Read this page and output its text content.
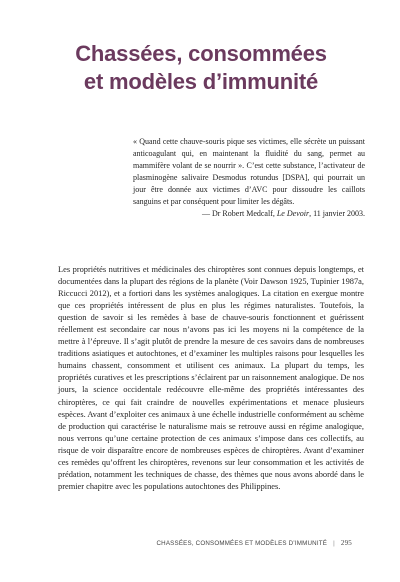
Chassées, consommées
et modèles d’immunité
« Quand cette chauve-souris pique ses victimes, elle sécrète un puissant anticoagulant qui, en maintenant la fluidité du sang, permet au mammifère volant de se nourrir ». C’est cette substance, l’activateur de plasminogène salivaire Desmodus rotundus [DSPA], qui pourrait un jour être donnée aux victimes d’AVC pour dissoudre les caillots sanguins et par conséquent pour limiter les dégâts.
— Dr Robert Medcalf, Le Devoir, 11 janvier 2003.
Les propriétés nutritives et médicinales des chiroptères sont connues depuis longtemps, et documentées dans la plupart des régions de la planète (Voir Dawson 1925, Tupinier 1987a, Riccucci 2012), et a fortiori dans les systèmes analogiques. La citation en exergue montre que ces propriétés intéressent de plus en plus les régimes naturalistes. Toutefois, la question de savoir si les remèdes à base de chauve-souris fonctionnent et guérissent réellement est secondaire car nous n’avons pas ici les moyens ni la compétence de la mettre à l’épreuve. Il s’agit plutôt de prendre la mesure de ces savoirs dans de nombreuses traditions asiatiques et autochtones, et d’examiner les multiples raisons pour lesquelles les humains chassent, consomment et utilisent ces animaux. La plupart du temps, les propriétés curatives et les prescriptions s’éclairent par un raisonnement analogique. De nos jours, la science occidentale redécouvre elle-même des propriétés intéressantes des chiroptères, ce qui fait craindre de nouvelles expérimentations et menace plusieurs espèces. Avant d’exploiter ces animaux à une échelle industrielle conformément au schème de production qui caractérise le naturalisme mais se retrouve aussi en régime analogique, nous verrons qu’une certaine protection de ces animaux s’impose dans ces collectifs, au risque de voir disparaître encore de nombreuses espèces de chiroptères. Avant d’examiner ces remèdes qu’offrent les chiroptères, revenons sur leur consommation et les activités de prédation, notamment les techniques de chasse, des thèmes que nous avons abordé dans le premier chapitre avec les populations autochtones des Philippines.
CHASSÉES, CONSOMMÉES ET MODÈLES D’IMMUNITÉ | 295
